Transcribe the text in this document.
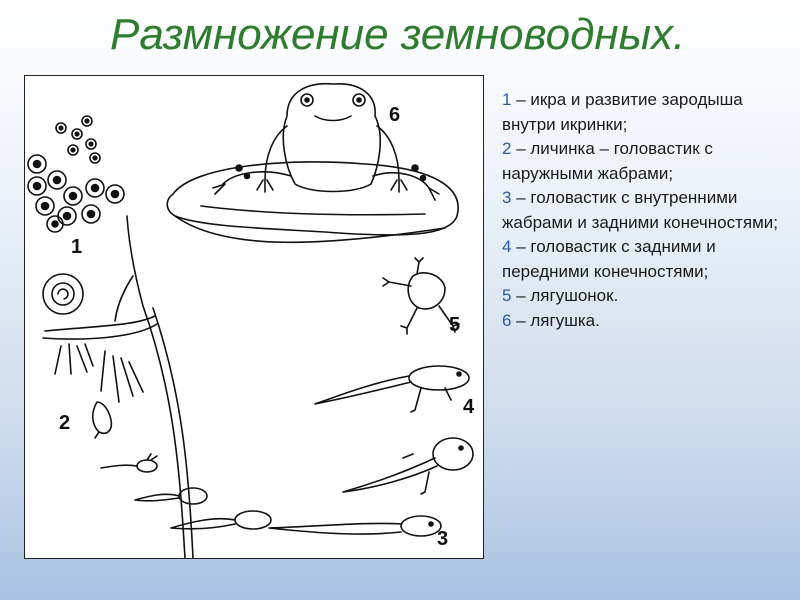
Размножение земноводных.
1
2
3
4
5
6

1 – икра и развитие зародыша внутри икринки;

2 – личинка – головастик с наружными жабрами;

3 – головастик с внутренними жабрами и задними конечностями;

4 – головастик с задними и передними конечностями;

5 – лягушонок.

6 – лягушка.
